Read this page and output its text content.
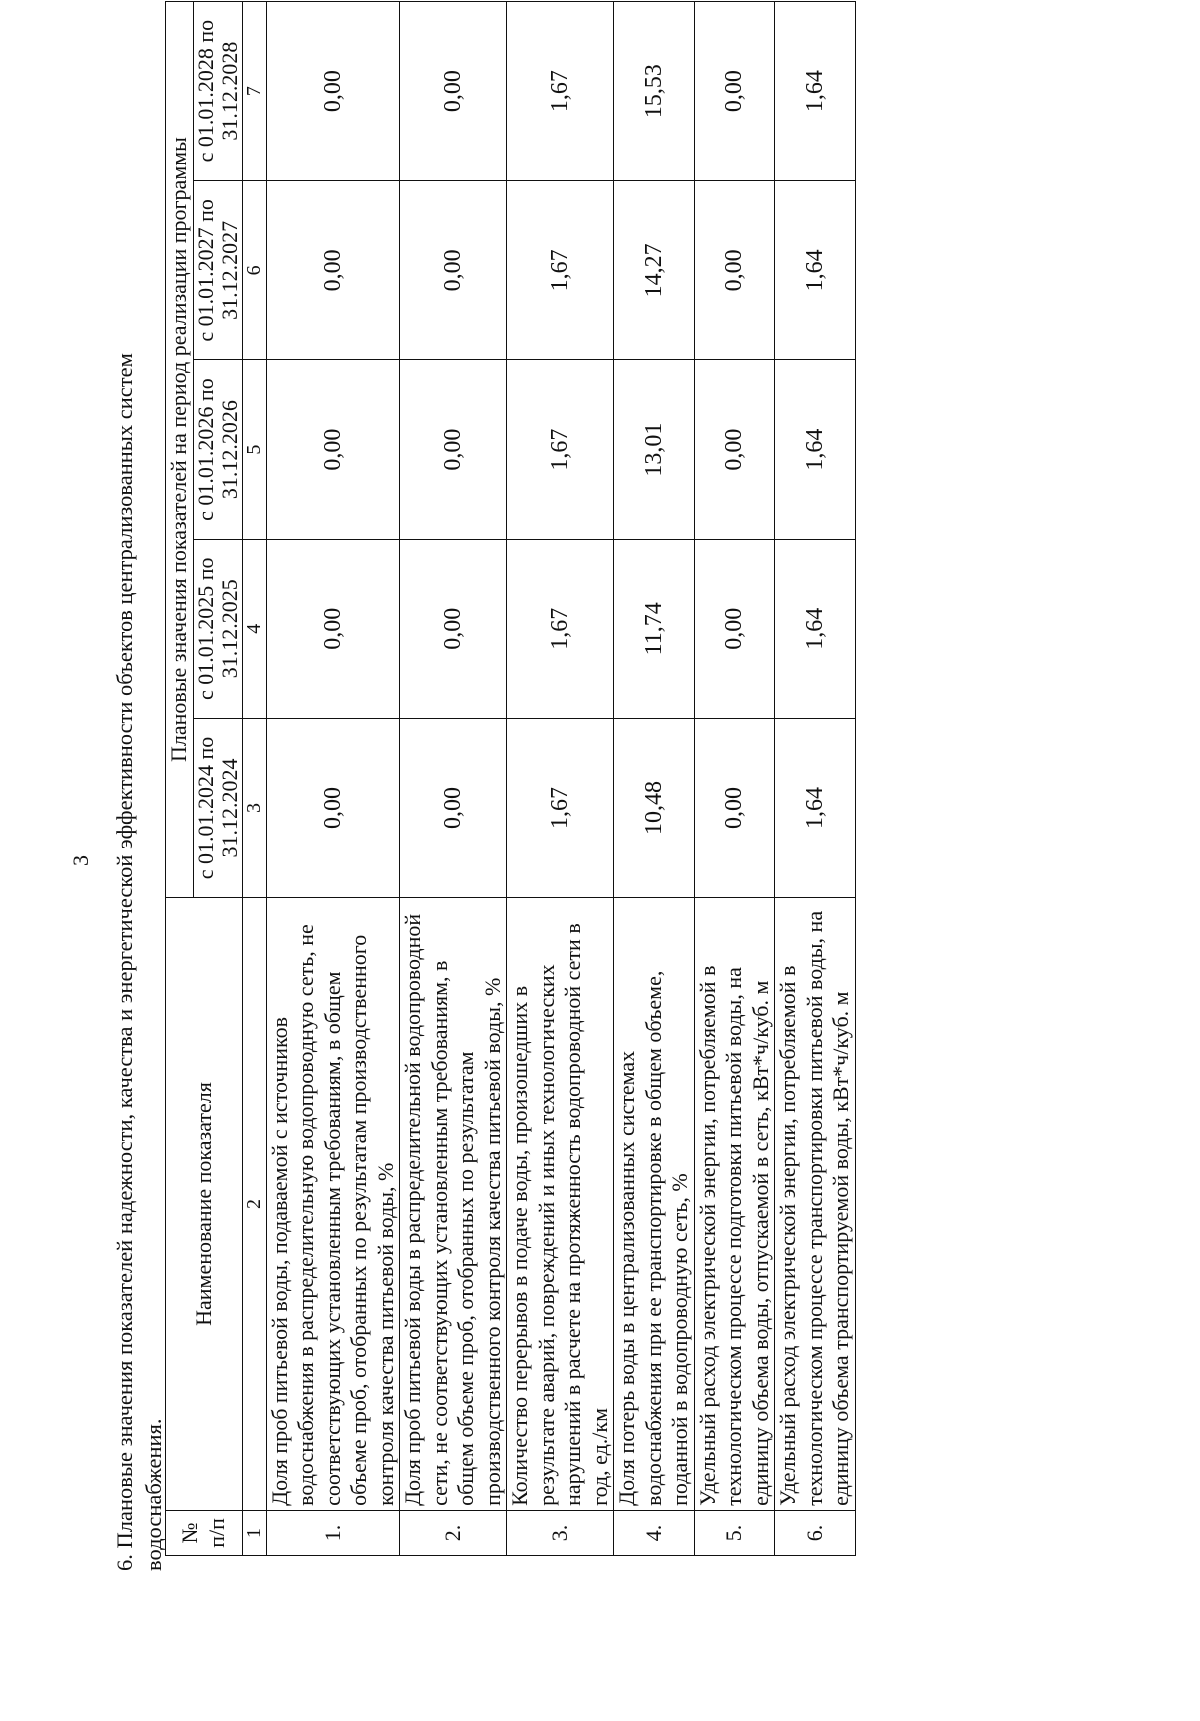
3 6. Плановые значения показателей надежности, качества и энергетической эффективности объектов централизованных систем водоснабжения. № п/п	Наименование показателя	Плановые значения показателей на период реализации программы				
		с 01.01.2024 по 31.12.2024	с 01.01.2025 по 31.12.2025	с 01.01.2026 по 31.12.2026	с 01.01.2027 по 31.12.2027	с 01.01.2028 по 31.12.2028
1	2	3	4	5	6	7
1.	Доля проб питьевой воды, подаваемой с источников водоснабжения в распределительную водопроводную сеть, не соответствующих установленным требованиям, в общем объеме проб, отобранных по результатам производственного контроля качества питьевой воды, %	0,00	0,00	0,00	0,00	0,00
2.	Доля проб питьевой воды в распределительной водопроводной сети, не соответствующих установленным требованиям, в общем объеме проб, отобранных по результатам производственного контроля качества питьевой воды, %	0,00	0,00	0,00	0,00	0,00
3.	Количество перерывов в подаче воды, произошедших в результате аварий, повреждений и иных технологических нарушений в расчете на протяженность водопроводной сети в год, ед./км	1,67	1,67	1,67	1,67	1,67
4.	Доля потерь воды в централизованных системах водоснабжения при ее транспортировке в общем объеме, поданной в водопроводную сеть, %	10,48	11,74	13,01	14,27	15,53
5.	Удельный расход электрической энергии, потребляемой в технологическом процессе подготовки питьевой воды, на единицу объема воды, отпускаемой в сеть, кВт*ч/куб. м	0,00	0,00	0,00	0,00	0,00
6.	Удельный расход электрической энергии, потребляемой в технологическом процессе транспортировки питьевой воды, на единицу объема транспортируемой воды, кВт*ч/куб. м	1,64	1,64	1,64	1,64	1,64
